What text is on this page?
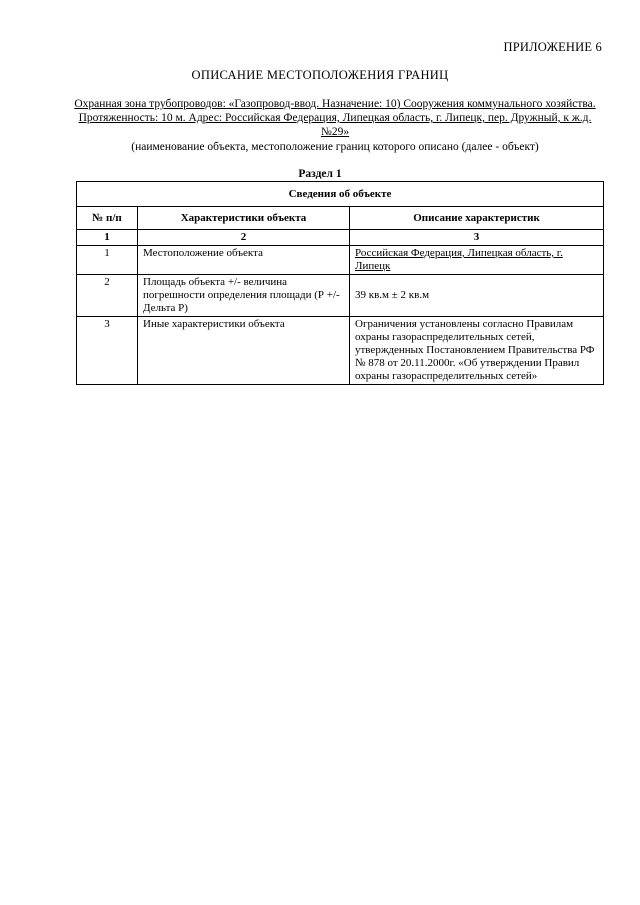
ПРИЛОЖЕНИЕ 6
ОПИСАНИЕ МЕСТОПОЛОЖЕНИЯ ГРАНИЦ
Охранная зона трубопроводов: «Газопровод-ввод. Назначение: 10) Сооружения коммунального хозяйства. Протяженность: 10 м. Адрес: Российская Федерация, Липецкая область, г. Липецк, пер. Дружный, к ж.д.№29»
(наименование объекта, местоположение границ которого описано (далее - объект)
Раздел 1
Сведения об объекте		
№ п/п	Характеристики объекта	Описание характеристик
1	2	3
1	Местоположение объекта	Российская Федерация, Липецкая область, г. Липецк
2	Площадь объекта +/- величина погрешности определения площади (Р +/- Дельта Р)	39 кв.м ± 2 кв.м
3	Иные характеристики объекта	Ограничения установлены согласно Правилам охраны газораспределительных сетей, утвержденных Постановлением Правительства РФ № 878 от 20.11.2000г. «Об утверждении Правил охраны газораспределительных сетей»
